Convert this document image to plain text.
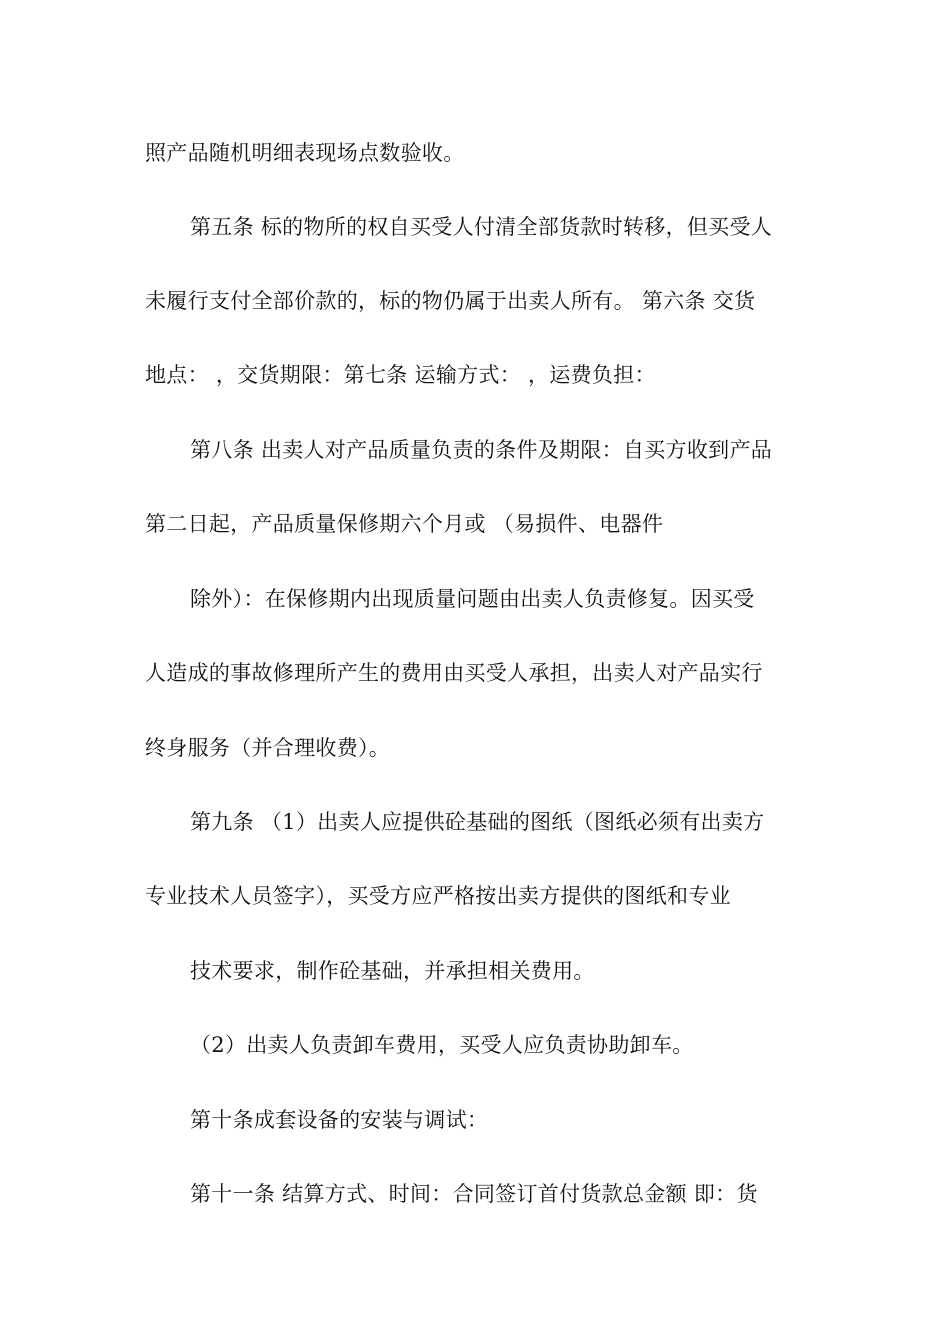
照产品随机明细表现场点数验收。
第五条 标的物所的权自买受人付清全部货款时转移，但买受人
未履行支付全部价款的，标的物仍属于出卖人所有。 第六条 交货
地点： ，交货期限：第七条 运输方式： ，运费负担：
第八条 出卖人对产品质量负责的条件及期限：自买方收到产品
第二日起，产品质量保修期六个月或 （易损件、电器件
除外）：在保修期内出现质量问题由出卖人负责修复。因买受
人造成的事故修理所产生的费用由买受人承担，出卖人对产品实行
终身服务（并合理收费）。
第九条 （1）出卖人应提供砼基础的图纸（图纸必须有出卖方
专业技术人员签字），买受方应严格按出卖方提供的图纸和专业
技术要求，制作砼基础，并承担相关费用。
（2）出卖人负责卸车费用，买受人应负责协助卸车。
第十条成套设备的安装与调试：
第十一条 结算方式、时间：合同签订首付货款总金额 即：货
